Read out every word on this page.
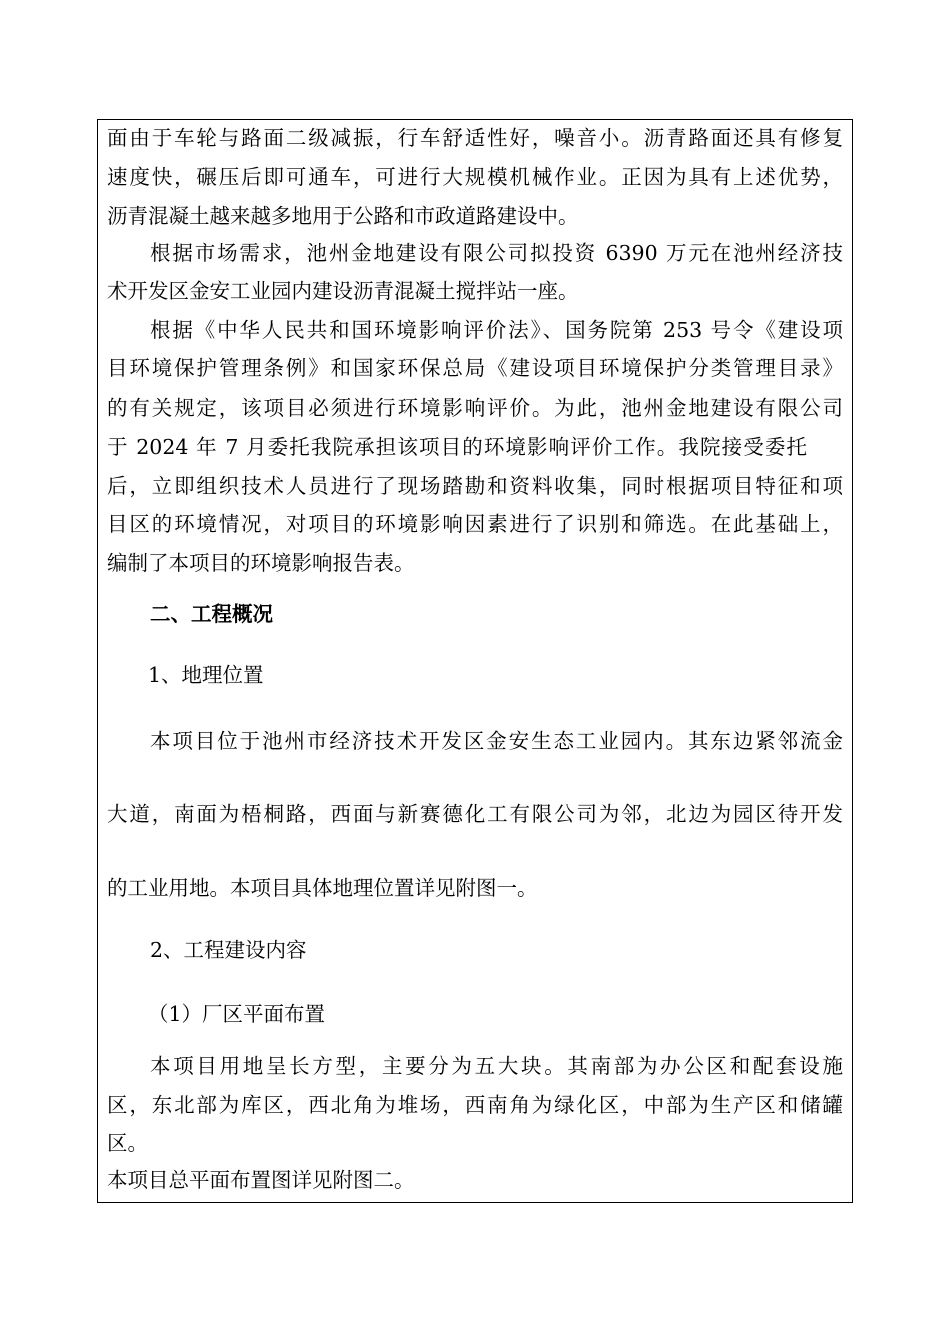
面由于车轮与路面二级减振，行车舒适性好，噪音小。沥青路面还具有修复
速度快，碾压后即可通车，可进行大规模机械作业。正因为具有上述优势，
沥青混凝土越来越多地用于公路和市政道路建设中。
根据市场需求，池州金地建设有限公司拟投资 6390 万元在池州经济技
术开发区金安工业园内建设沥青混凝土搅拌站一座。
根据《中华人民共和国环境影响评价法》、国务院第 253 号令《建设项
目环境保护管理条例》和国家环保总局《建设项目环境保护分类管理目录》
的有关规定，该项目必须进行环境影响评价。为此，池州金地建设有限公司
于 2024 年 7 月委托我院承担该项目的环境影响评价工作。我院接受委托
后，立即组织技术人员进行了现场踏勘和资料收集，同时根据项目特征和项
目区的环境情况，对项目的环境影响因素进行了识别和筛选。在此基础上，
编制了本项目的环境影响报告表。
二、工程概况
1、地理位置
本项目位于池州市经济技术开发区金安生态工业园内。其东边紧邻流金
大道，南面为梧桐路，西面与新赛德化工有限公司为邻，北边为园区待开发
的工业用地。本项目具体地理位置详见附图一。
2、工程建设内容
（1）厂区平面布置
本项目用地呈长方型，主要分为五大块。其南部为办公区和配套设施
区，东北部为库区，西北角为堆场，西南角为绿化区，中部为生产区和储罐
区。
本项目总平面布置图详见附图二。
